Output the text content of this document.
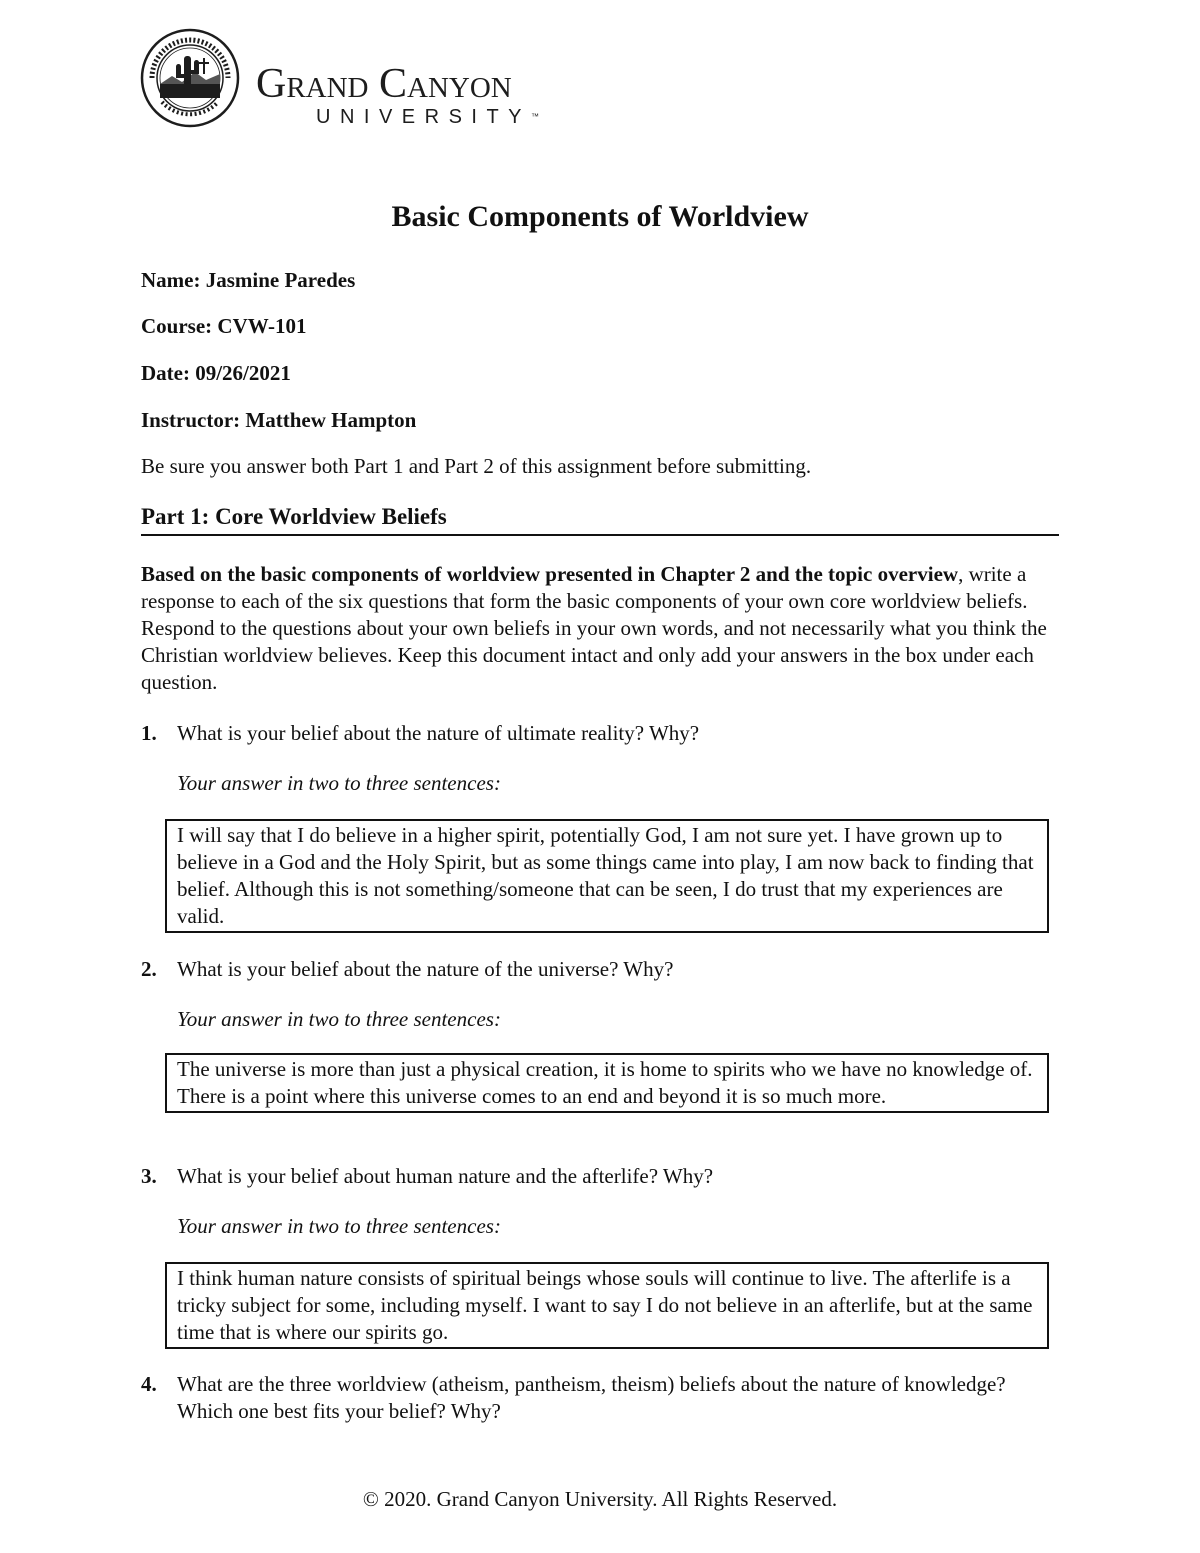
Grand Canyon
UNIVERSITY™
Basic Components of Worldview
Name: Jasmine Paredes
Course: CVW-101
Date: 09/26/2021
Instructor: Matthew Hampton
Be sure you answer both Part 1 and Part 2 of this assignment before submitting.
Part 1: Core Worldview Beliefs
Based on the basic components of worldview presented in Chapter 2 and the topic overview, write a response to each of the six questions that form the basic components of your own core worldview beliefs. Respond to the questions about your own beliefs in your own words, and not necessarily what you think the Christian worldview believes. Keep this document intact and only add your answers in the box under each question.
1. What is your belief about the nature of ultimate reality? Why?
Your answer in two to three sentences:
I will say that I do believe in a higher spirit, potentially God, I am not sure yet. I have grown up to believe in a God and the Holy Spirit, but as some things came into play, I am now back to finding that belief. Although this is not something/someone that can be seen, I do trust that my experiences are valid.
2. What is your belief about the nature of the universe? Why?
Your answer in two to three sentences:
The universe is more than just a physical creation, it is home to spirits who we have no knowledge of. There is a point where this universe comes to an end and beyond it is so much more.
3. What is your belief about human nature and the afterlife? Why?
Your answer in two to three sentences:
I think human nature consists of spiritual beings whose souls will continue to live. The afterlife is a tricky subject for some, including myself. I want to say I do not believe in an afterlife, but at the same time that is where our spirits go.
4. What are the three worldview (atheism, pantheism, theism) beliefs about the nature of knowledge? Which one best fits your belief? Why?
© 2020. Grand Canyon University. All Rights Reserved.
